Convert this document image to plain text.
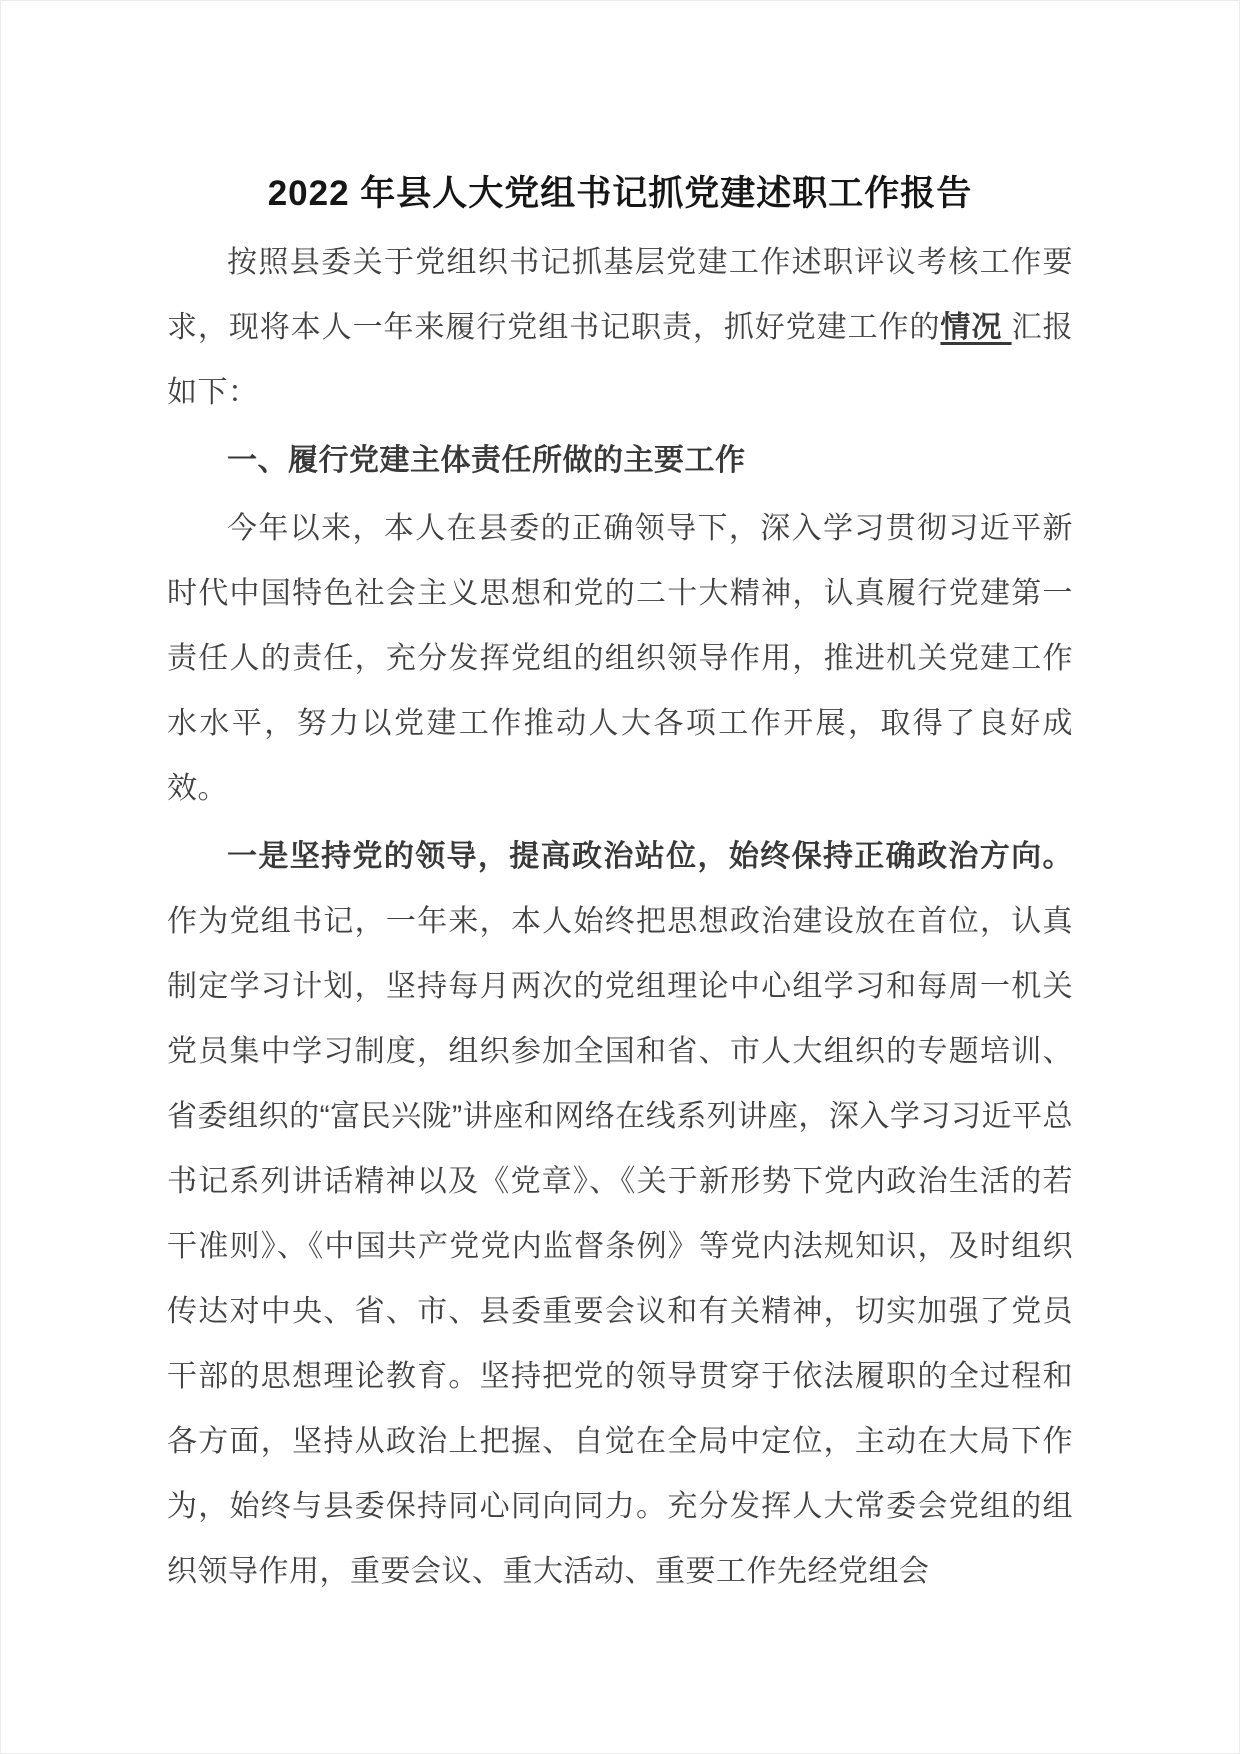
2022 年县人大党组书记抓党建述职工作报告

按照县委关于党组织书记抓基层党建工作述职评议考核工作要求，现将本人一年来履行党组书记职责，抓好党建工作的情况 汇报如下：

一、履行党建主体责任所做的主要工作

今年以来，本人在县委的正确领导下，深入学习贯彻习近平新时代中国特色社会主义思想和党的二十大精神，认真履行党建第一责任人的责任，充分发挥党组的组织领导作用，推进机关党建工作水水平，努力以党建工作推动人大各项工作开展，取得了良好成效。

一是坚持党的领导，提高政治站位，始终保持正确政治方向。作为党组书记，一年来，本人始终把思想政治建设放在首位，认真制定学习计划，坚持每月两次的党组理论中心组学习和每周一机关党员集中学习制度，组织参加全国和省、市人大组织的专题培训、省委组织的“富民兴陇”讲座和网络在线系列讲座，深入学习习近平总书记系列讲话精神以及《党章》、《关于新形势下党内政治生活的若干准则》、《中国共产党党内监督条例》等党内法规知识，及时组织传达对中央、省、市、县委重要会议和有关精神，切实加强了党员干部的思想理论教育。坚持把党的领导贯穿于依法履职的全过程和各方面，坚持从政治上把握、自觉在全局中定位，主动在大局下作为，始终与县委保持同心同向同力。充分发挥人大常委会党组的组织领导作用，重要会议、重大活动、重要工作先经党组会
